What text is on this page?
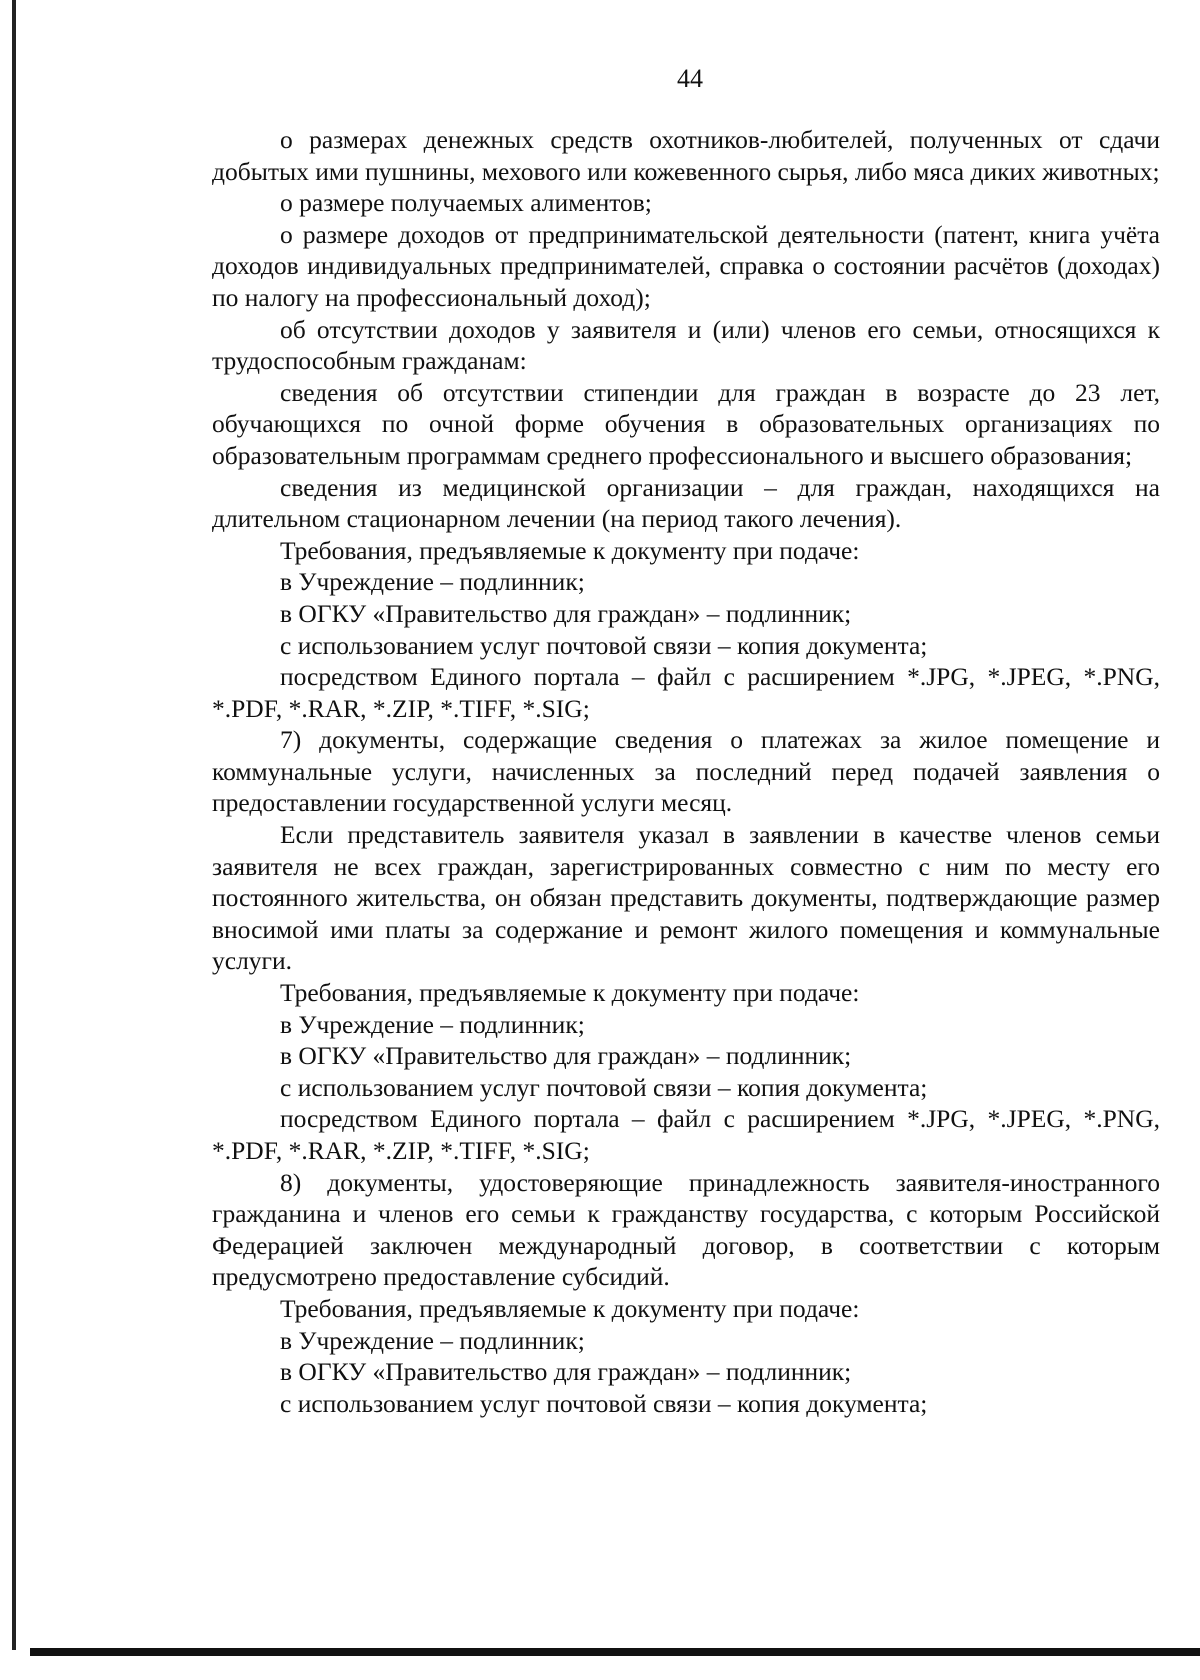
44

о размерах денежных средств охотников-любителей, полученных от сдачи добытых ими пушнины, мехового или кожевенного сырья, либо мяса диких животных;

о размере получаемых алиментов;

о размере доходов от предпринимательской деятельности (патент, книга учёта доходов индивидуальных предпринимателей, справка о состоянии расчётов (доходах) по налогу на профессиональный доход);

об отсутствии доходов у заявителя и (или) членов его семьи, относящихся к трудоспособным гражданам:

сведения об отсутствии стипендии для граждан в возрасте до 23 лет, обучающихся по очной форме обучения в образовательных организациях по образовательным программам среднего профессионального и высшего образования;

сведения из медицинской организации – для граждан, находящихся на длительном стационарном лечении (на период такого лечения).

Требования, предъявляемые к документу при подаче:

в Учреждение – подлинник;

в ОГКУ «Правительство для граждан» – подлинник;

с использованием услуг почтовой связи – копия документа;

посредством Единого портала – файл с расширением *.JPG, *.JPEG, *.PNG, *.PDF, *.RAR, *.ZIP, *.TIFF, *.SIG;

7) документы, содержащие сведения о платежах за жилое помещение и коммунальные услуги, начисленных за последний перед подачей заявления о предоставлении государственной услуги месяц.

Если представитель заявителя указал в заявлении в качестве членов семьи заявителя не всех граждан, зарегистрированных совместно с ним по месту его постоянного жительства, он обязан представить документы, подтверждающие размер вносимой ими платы за содержание и ремонт жилого помещения и коммунальные услуги.

Требования, предъявляемые к документу при подаче:

в Учреждение – подлинник;

в ОГКУ «Правительство для граждан» – подлинник;

с использованием услуг почтовой связи – копия документа;

посредством Единого портала – файл с расширением *.JPG, *.JPEG, *.PNG, *.PDF, *.RAR, *.ZIP, *.TIFF, *.SIG;

8) документы, удостоверяющие принадлежность заявителя-иностранного гражданина и членов его семьи к гражданству государства, с которым Российской Федерацией заключен международный договор, в соответствии с которым предусмотрено предоставление субсидий.

Требования, предъявляемые к документу при подаче:

в Учреждение – подлинник;

в ОГКУ «Правительство для граждан» – подлинник;

с использованием услуг почтовой связи – копия документа;
